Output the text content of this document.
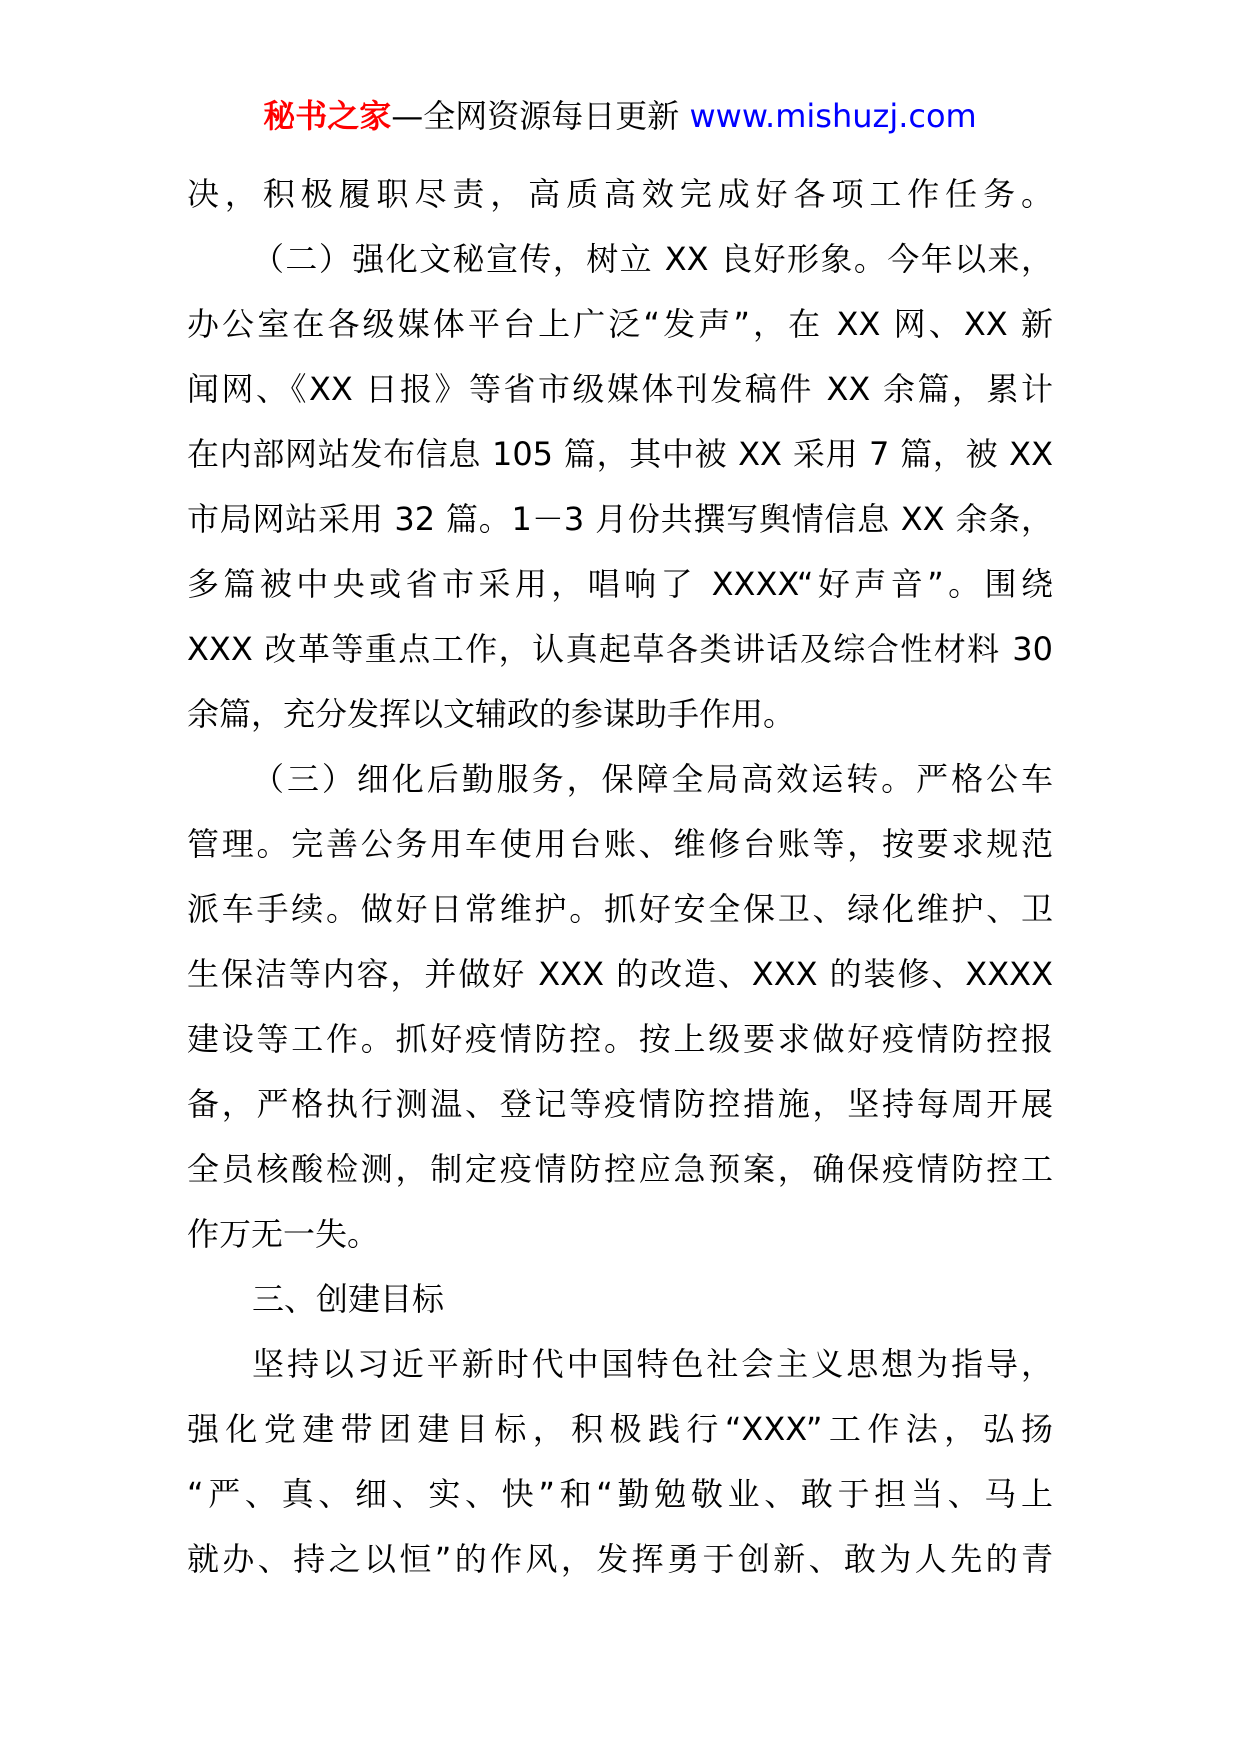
秘书之家—全网资源每日更新 www.mishuzj.com
决，积极履职尽责，高质高效完成好各项工作任务。
（二）强化文秘宣传，树立 XX 良好形象。今年以来，
办公室在各级媒体平台上广泛“发声”，在 XX 网、XX 新
闻网、《XX 日报》等省市级媒体刊发稿件 XX 余篇，累计
在内部网站发布信息 105 篇，其中被 XX 采用 7 篇，被 XX
市局网站采用 32 篇。1－3 月份共撰写舆情信息 XX 余条，
多篇被中央或省市采用，唱响了 XXXX“好声音”。围绕
XXX 改革等重点工作，认真起草各类讲话及综合性材料 30
余篇，充分发挥以文辅政的参谋助手作用。
（三）细化后勤服务，保障全局高效运转。严格公车
管理。完善公务用车使用台账、维修台账等，按要求规范
派车手续。做好日常维护。抓好安全保卫、绿化维护、卫
生保洁等内容，并做好 XXX 的改造、XXX 的装修、XXXX
建设等工作。抓好疫情防控。按上级要求做好疫情防控报
备，严格执行测温、登记等疫情防控措施，坚持每周开展
全员核酸检测，制定疫情防控应急预案，确保疫情防控工
作万无一失。
三、创建目标
坚持以习近平新时代中国特色社会主义思想为指导，
强化党建带团建目标，积极践行“XXX”工作法，弘扬
“严、真、细、实、快”和“勤勉敬业、敢于担当、马上
就办、持之以恒”的作风，发挥勇于创新、敢为人先的青
